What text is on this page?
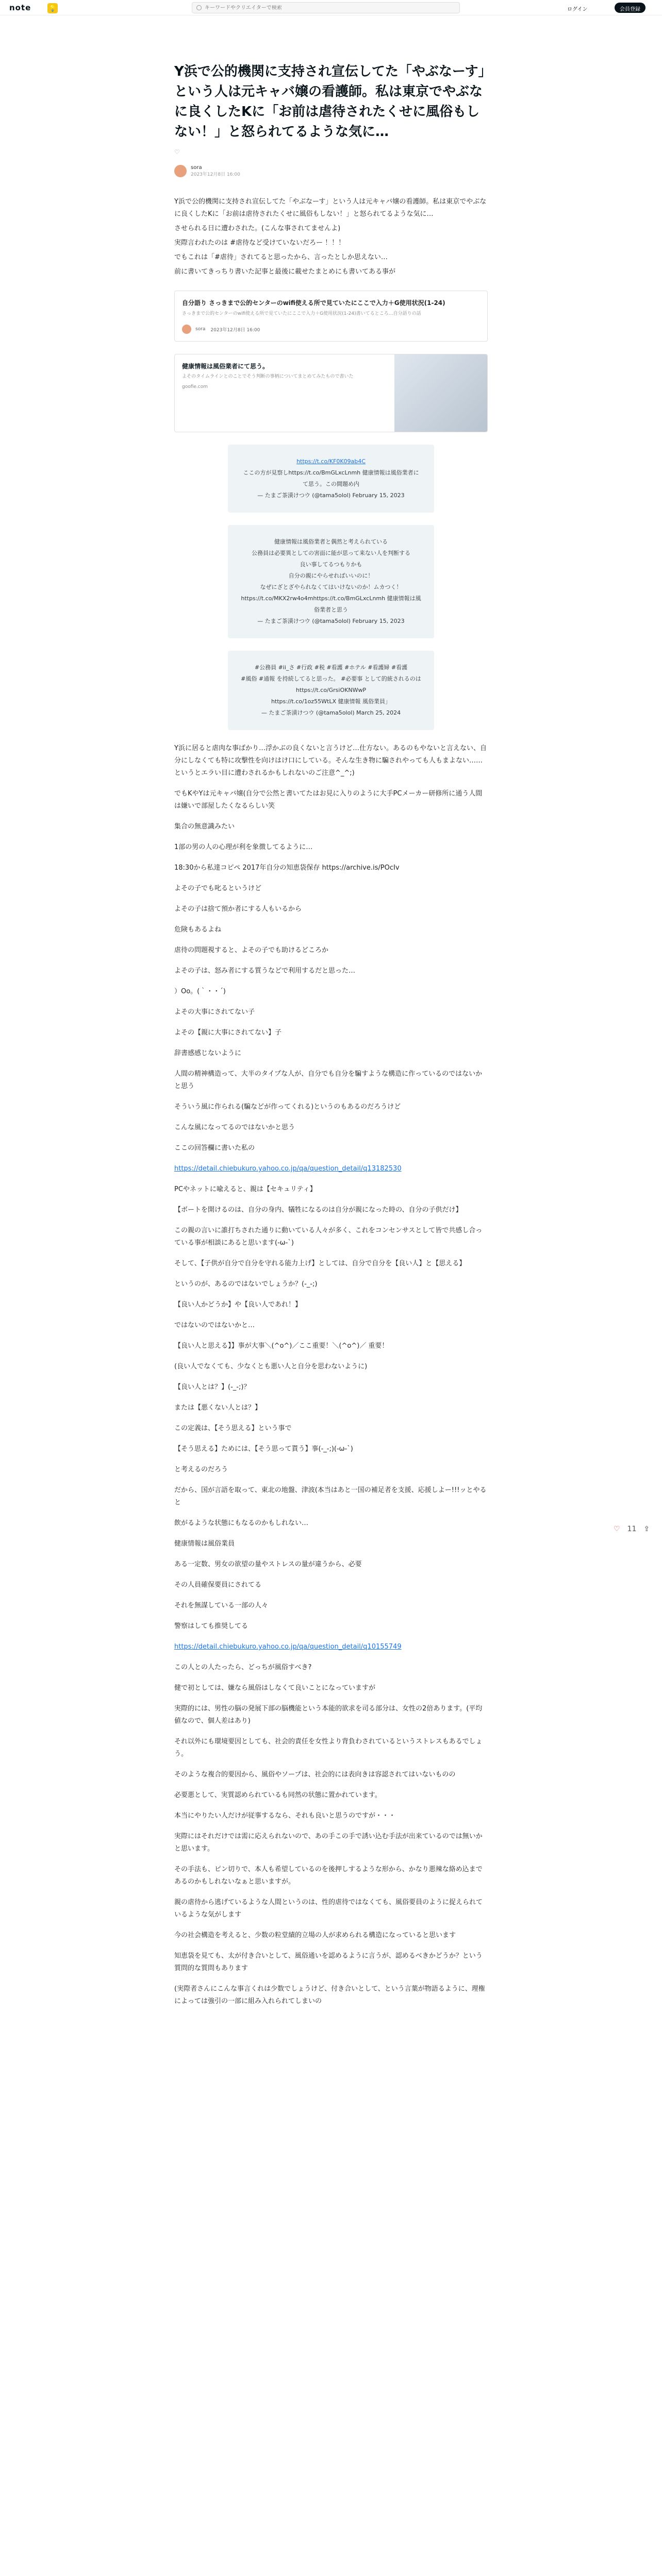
note	💡
キーワードやクリエイターで検索	ログイン	会員登録
Y浜で公的機関に支持され宣伝してた「やぶなーす」という人は元キャバ嬢の看護師。私は東京でやぶなに良くしたKに「お前は虐待されたくせに風俗もしない！」と怒られてるような気に…
♡
sora
2023年12月8日 16:00

Y浜で公的機関に支持され宣伝してた「やぶなーす」という人は元キャバ嬢の看護師。私は東京でやぶなに良くしたKに「お前は虐待されたくせに風俗もしない！」と怒られてるような気に…

させられる日に遭わされた。(こんな事されてませんよ)

実際言われたのは #虐待など受けていないだろー ！！！

でもこれは「#虐待」されてると思ったから、言ったとしか思えない…

前に書いてきっちり書いた記事と最後に載せたまとめにも書いてある事が

自分語り さっきまで公的センターのwifi使える所で見ていたにここで入力＋G使用状況(1-24)
さっきまで公的センターのwifi使える所で見ていたにここで入力＋G使用状況(1-24)書いてるところ…自分語りの話
sora 2023年12月8日 16:00
健康情報は風俗業者にて思う。
よそのタイムラインとのことでそう判断の事柄についてまとめてみたもので書いた
goofie.com
https://t.co/KF0K09ab4C
ここの方が見察しhttps://t.co/BmGLxcLnmh 健康情報は風俗業者にて思う。この間題め内
— たまご茶漬けつウ (@tama5olol) February 15, 2023
健康情報は風俗業者と偶然と考えられている
公務員は必要異としての害面に能が思って来ない人を判断する
良い事してるつもりかも
自分の親にやらせればいいのに！
なぜにざとざやられなくてはいけないのか！ムカつく！
https://t.co/MKX2rw4o4mhttps://t.co/BmGLxcLnmh 健康情報は風俗業者と思う
— たまご茶漬けつウ (@tama5olol) February 15, 2023
#公務員 #ii_さ #行政 #税 #看護 #ホテル #看護婦 #看護
#風俗 #通報 を持続してると思った。 #必要事 として的統されるのは https://t.co/GrsiOKNWwP
https://t.co/1oz55WtLX 健康情報 風俗業員」
— たまご茶漬けつウ (@tama5olol) March 25, 2024

Y浜に居ると虐肉な事ばかり…浮かぶの良くないと言うけど…仕方ない。あるのもやないと言えない、自分にしなくても特に攻撃性を向けはけ口にしている。そんな生き物に騙されやっても人もまよない……というとエラい目に遭わされるかもしれないのご注意^_^;)

でもKやYは元キャバ嬢(自分で公然と書いてたはお見に入りのように大手PCメーカー研修所に通う人間は嫌いで部屋したくなるらしい笑

集合の無意識みたい

1部の男の人の心理が利を象徴してるように…

18:30から私達コピペ 2017年自分の知恵袋保存 https://archive.is/POcIv

よその子でも叱るというけど

よその子は捨て預か者にする人もいるから

危険もあるよね

虐待の問題視すると、よその子でも助けるどころか

よその子は、怒み者にする質うなどで利用するだと思った…

）Oo。(｀・・´)

よその大事にされてない子

よその【親に大事にされてない】子

辞書感感じないように

人間の精神構造って、大半のタイプな人が、自分でも自分を騙すような構造に作っているのではないかと思う

そういう風に作られる(騙などが作ってくれる)というのもあるのだろうけど

こんな風になってるのではないかと思う

ここの回答欄に書いた私の

https://detail.chiebukuro.yahoo.co.jp/qa/question_detail/q13182530

PCやネットに喩えると、親は【セキュリティ】

【ボートを開けるのは、自分の身内、犠牲になるのは自分が親になった時の、自分の子供だけ】

この親の言いに誰打ちされた通りに動いている人々が多く、これをコンセンサスとして皆で共感し合っている事が相談にあると思います(-ω-`)

そして、【子供が自分で自分を守れる能力上げ】としては、自分で自分を【良い人】と【思える】

というのが、あるのではないでしょうか？(-_-;)

【良い人かどうか】や【良い人であれ！】

ではないのではないかと…

【良い人と思える】】事が大事＼(^o^)／ここ重要！＼(^o^)／ 重要！

(良い人でなくても、少なくとも悪い人と自分を思わないように)

【良い人とは？】(-_-;)？

または【悪くない人とは？】

この定義は、【そう思える】という事で

【そう思える】ためには、【そう思って貰う】事(-_-;)(-ω-`)

と考えるのだろう

だから、国が言語を取って、東北の地盤、津波(本当はあと一国の補足者を支援、応援しよー!!!ッとやると

飲がるような状態にもなるのかもしれない…

健康情報は風俗業員

ある一定数、男女の欲望の量やストレスの量が違うから、必要

その人員確保要員にされてる

それを無謀している一部の人々

警察はしても推奨してる

https://detail.chiebukuro.yahoo.co.jp/qa/question_detail/q10155749

この人との人たったら、どっちが風俗すべき?

健で初としては、嫌なら風俗はしなくて良いことになっていますが

実際的には、男性の脳の発展下部の脳機能という本能的欲求を司る部分は、女性の2倍あります。(平均値なので、個人差はあり)

それ以外にも環境要因としても、社会的責任を女性より背負わされているというストレスもあるでしょう。

そのような複合的要因から、風俗やソープは、社会的には表向きは容認されてはいないものの

必要悪として、実質認められているも同然の状態に置かれています。

本当にやりたい人だけが従事するなら、それも良いと思うのですが・・・

実際にはそれだけでは需に応えられないので、あの手この手で誘い込む手法が出来ているのでは無いかと思います。

その手法も、ピン切りで、本人も希望しているのを後押しするような形から、かなり悪辣な絡め込まであるのかもしれないなぁと思いますが。

親の虐待から逃げているような人間というのは、性的虐待ではなくても、風俗要員のように捉えられているような気がします

今の社会構造を考えると、少数の粒堂績的立場の人が求められる構造になっていると思います

知恵袋を見ても、太が付き合いとして、風俗通いを認めるように言うが、認めるべきかどうか？という質問的な質問もあります

(実際者さんにこんな事言くれは少数でしょうけど、付き合いとして、という言葉が物語るように、理権によっては強引の一部に組み入れられてしまいの

♡ 11 ⇪
